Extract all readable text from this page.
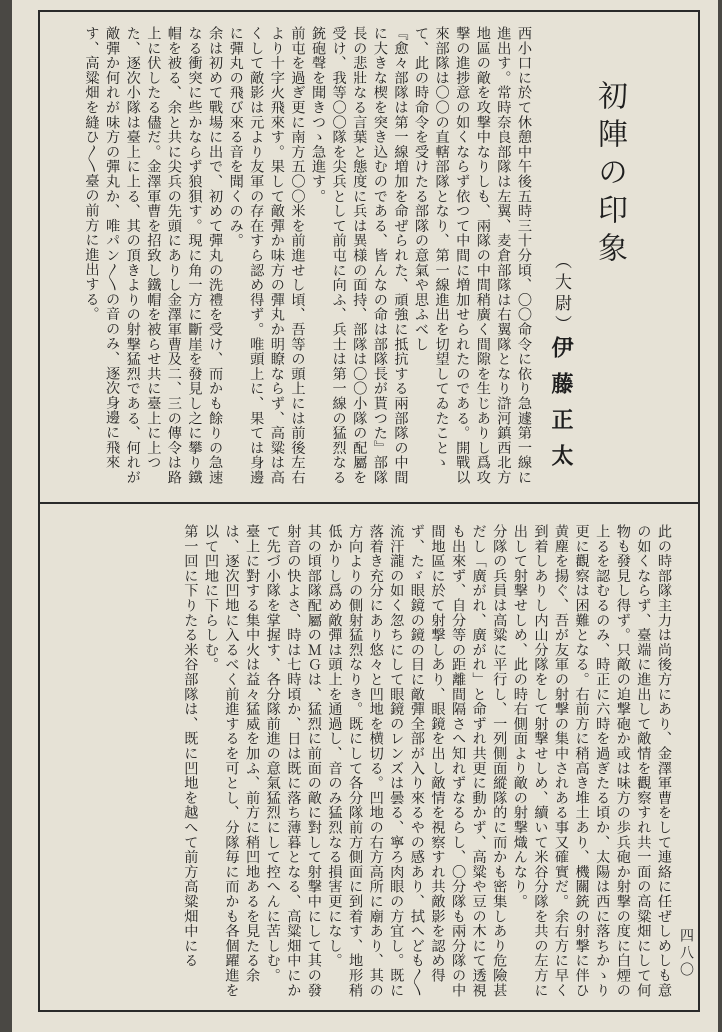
初陣の印象
（大尉）伊藤正太

西小口に於て休憩中午後五時三十分頃、〇〇命令に依り急遽第一線に進出す。常時奈良部隊は左翼、麦倉部隊は右翼隊となり滸河鎮西北方地區の敵を攻撃中なりしも、兩隊の中間稍廣く間隙を生じありし爲攻撃の進捗意の如くならず依つて中間に増加せられたのである。開戰以來部隊は〇〇の直轄部隊となり、第一線進出を切望してゐたことゝて、此の時命令を受けたる部隊の意氣や思ふべし

『愈々部隊は第一線増加を命ぜられた、頑強に抵抗する兩部隊の中間に大きな楔を突き込むのである、皆んなの命は部隊長が貰つた』部隊長の悲壯なる言葉と態度に兵は異様の面持、部隊は〇〇小隊の配屬を受け、我等〇〇隊を尖兵として前屯に向ふ、兵士は第一線の猛烈なる銃砲聲を聞きつゝ急進す。

前屯を過ぎ更に南方五〇〇米を前進せし頃、吾等の頭上には前後左右より十字火飛來す。果して敵彈か味方の彈丸か明瞭ならず、高粱は高くして敵影は元より友軍の存在すら認め得ず。唯頭上に、果ては身邊に彈丸の飛び來る音を聞くのみ。

余は初めて戰場に出で、初めて彈丸の洗禮を受け、而かも餘りの急速なる衝突に些かならず狼狽す。現に角一方に斷崖を發見し之に攀り鐵帽を被る、余と共に尖兵の先頭にありし金澤軍曹及二、三の傳令は路上に伏したる儘だ。金澤軍曹を招致し鐵帽を被らせ共に臺上に上つた、逐次小隊は臺上に上る、其の頂きよりの射撃猛烈である、何れが敵彈か何れが味方の彈丸か、唯パン〳〵の音のみ、逐次身邊に飛來す、高粱畑を縫ひ〳〵臺の前方に進出する。

此の時部隊主力は尚後方にあり、金澤軍曹をして連絡に任ぜしめしも意の如くならず、臺端に進出して敵情を觀察すれ共一面の高粱畑にして何物も發見し得ず。只敵の迫撃砲か或は味方の歩兵砲か射撃の度に白煙の上るを認むるのみ、時正に六時を過ぎたる頃か、太陽は西に落ちかゝり更に觀察は困難となる。右前方に稍高き堆土あり、機關銃の射撃に伴ひ黄塵を揚ぐ、吾が友軍の射撃の集中されある事又確實だ。余右方に早く到着しありし内山分隊をして射撃せしめ、續いて米谷分隊を共の左方に出して射撃せしめ、此の時右側面より敵の射撃熾んなり。

分隊の兵員は高粱に平行し、一列側面縱隊的に而かも密集しあり危險甚だし「廣がれ、廣がれ」と命ずれ共更に動かず、高粱や豆の木にて透視も出來ず、自分等の距離間隔さへ知れずなるらし、〇分隊も兩分隊の中間地區に於て射撃しあり、眼鏡を出し敵情を視察すれ共敵影を認め得ず、たゞ眼鏡の鏡の目に敵彈全部が入り來るやの感あり、拭へども〳〵流汗瀧の如く忽ちにして眼鏡のレンズは曇る、寧ろ肉眼の方宜し。既に落着き充分にあり悠々と凹地を横切る。凹地の右方高所に廟あり、其の方向よりの側射猛烈なりき。既にして各分隊前方側面に到着す、地形稍低かりし爲め敵彈は頭上を通過し、音のみ猛烈なる損害更になし。

其の頃部隊配屬のＭＧは、猛烈に前面の敵に對して射撃中にして其の發射音の快よさ、時は七時頃か、日は既に落ち薄暮となる、高粱畑中にかて先づ小隊を掌握す、各分隊前進の意氣猛烈にして控へんに苦しむ。

臺上に對する集中火は益々猛威を加ふ、前方に稍凹地あるを見たる余は、逐次凹地に入るべく前進するを可とし、分隊毎に而かも各個躍進を以て凹地に下らしむ。

第一回に下りたる米谷部隊は、既に凹地を越へて前方高粱畑中にる	四八〇
